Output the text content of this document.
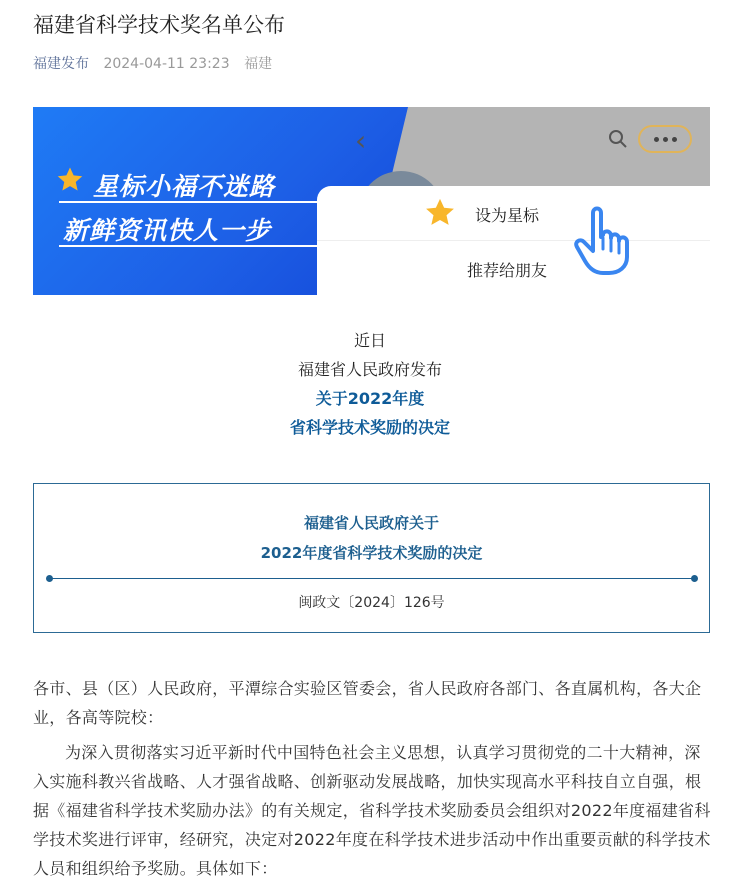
福建省科学技术奖名单公布
福建发布 2024-04-11 23:23 福建
星标小福不迷路
新鲜资讯快人一步
‹
设为星标
推荐给朋友
近日
福建省人民政府发布
关于2022年度
省科学技术奖励的决定
福建省人民政府关于
2022年度省科学技术奖励的决定
闽政文〔2024〕126号

各市、县（区）人民政府，平潭综合实验区管委会，省人民政府各部门、各直属机构，各大企业，各高等院校：

为深入贯彻落实习近平新时代中国特色社会主义思想，认真学习贯彻党的二十大精神，深入实施科教兴省战略、人才强省战略、创新驱动发展战略，加快实现高水平科技自立自强，根据《福建省科学技术奖励办法》的有关规定，省科学技术奖励委员会组织对2022年度福建省科学技术奖进行评审，经研究，决定对2022年度在科学技术进步活动中作出重要贡献的科学技术人员和组织给予奖励。具体如下：
